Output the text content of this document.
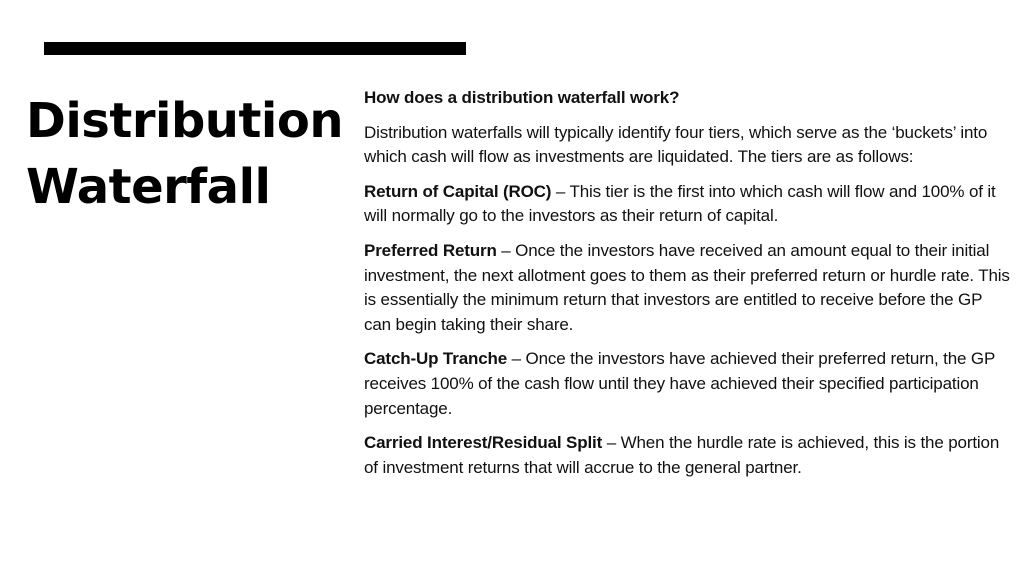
Distribution
Waterfall

How does a distribution waterfall work?

Distribution waterfalls will typically identify four tiers, which serve as the ‘buckets’ into which cash will flow as investments are liquidated. The tiers are as follows:

Return of Capital (ROC) – This tier is the first into which cash will flow and 100% of it will normally go to the investors as their return of capital.

Preferred Return – Once the investors have received an amount equal to their initial investment, the next allotment goes to them as their preferred return or hurdle rate. This is essentially the minimum return that investors are entitled to receive before the GP can begin taking their share.

Catch-Up Tranche – Once the investors have achieved their preferred return, the GP receives 100% of the cash flow until they have achieved their specified participation percentage.

Carried Interest/Residual Split – When the hurdle rate is achieved, this is the portion of investment returns that will accrue to the general partner.
